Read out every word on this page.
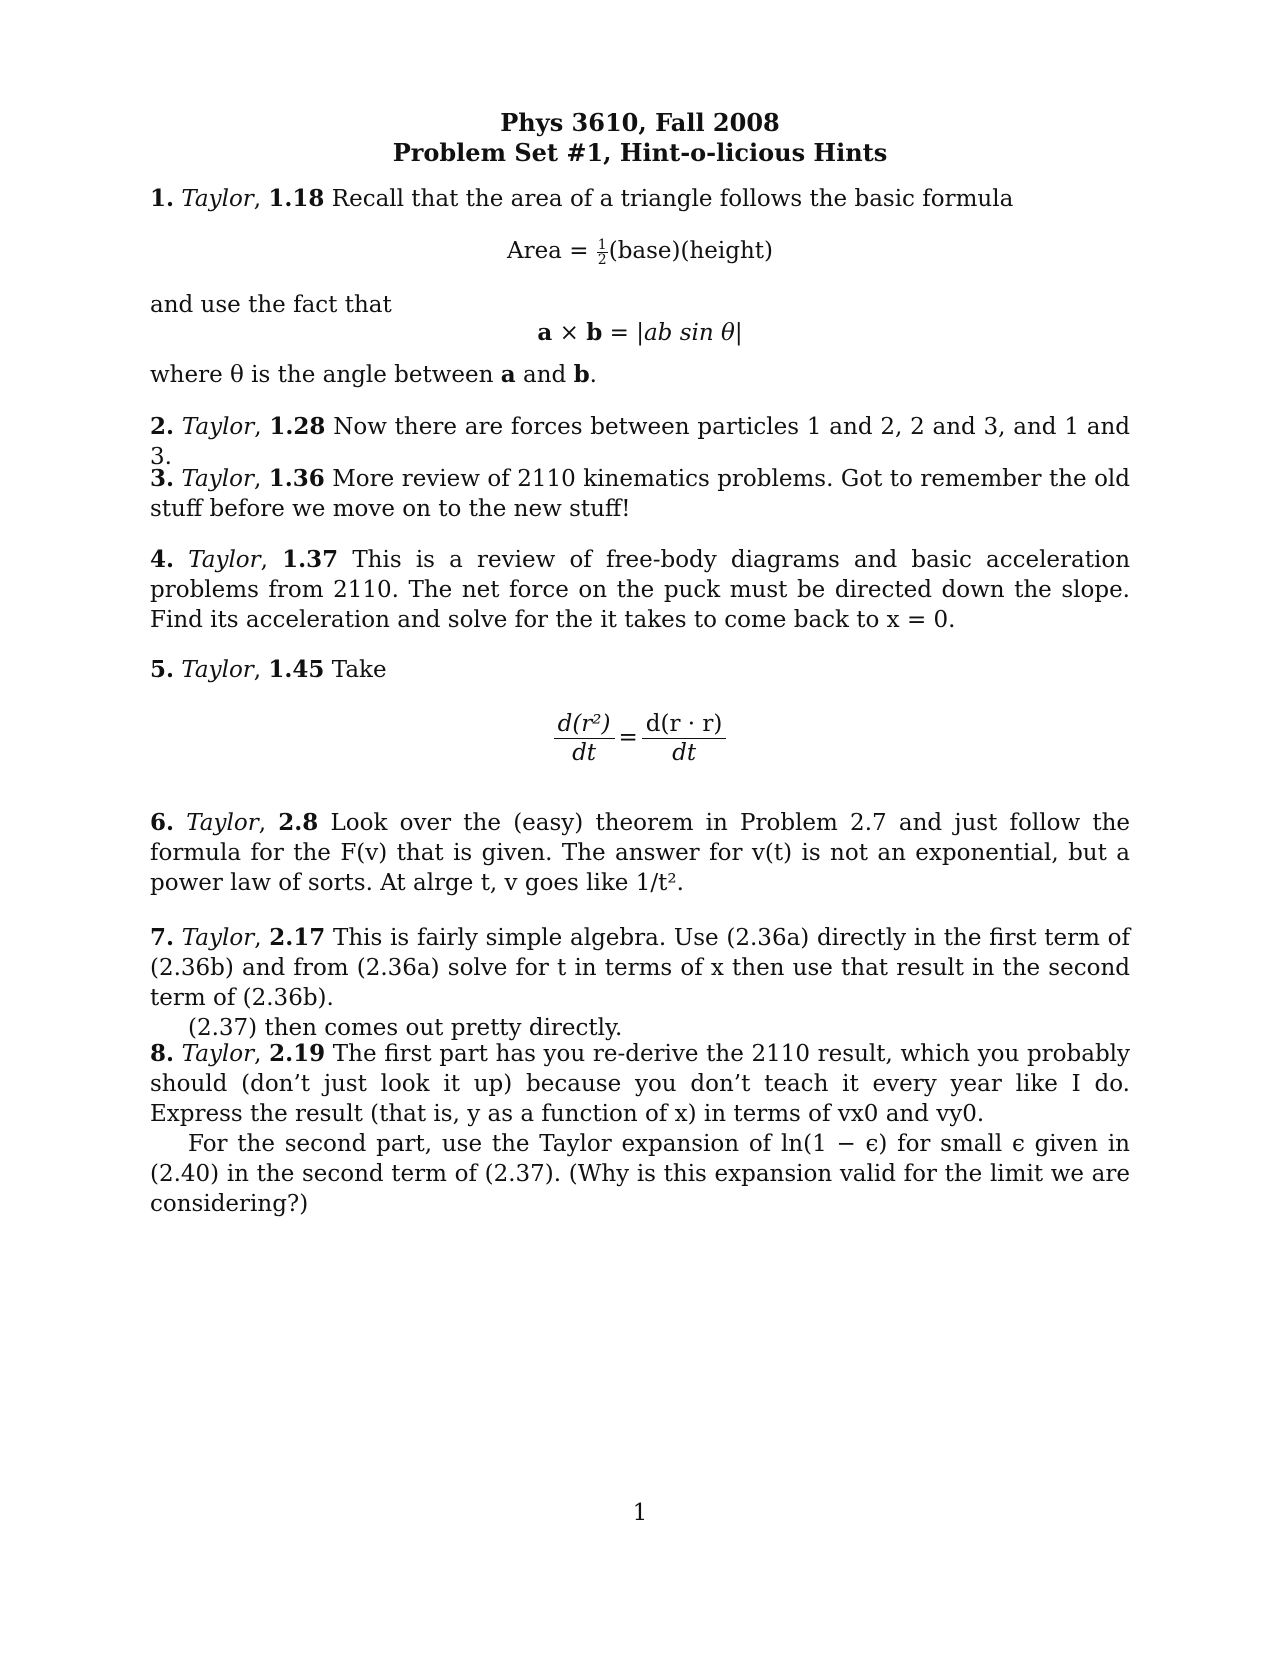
Phys 3610, Fall 2008
Problem Set #1, Hint-o-licious Hints

1. Taylor, 1.18 Recall that the area of a triangle follows the basic formula

Area = $\frac{1}{2}$ (base)(height)

and use the fact that

a × b = |ab sin θ|

where θ is the angle between a and b.

2. Taylor, 1.28 Now there are forces between particles 1 and 2, 2 and 3, and 1 and 3.

3. Taylor, 1.36 More review of 2110 kinematics problems. Got to remember the old stuff before we move on to the new stuff!

4. Taylor, 1.37 This is a review of free-body diagrams and basic acceleration problems from 2110. The net force on the puck must be directed down the slope. Find its acceleration and solve for the it takes to come back to x = 0.

5. Taylor, 1.45 Take

$\frac{\text{d(r²)}}{dt} = \frac{d(r \cdot r)}{dt}$

6. Taylor, 2.8 Look over the (easy) theorem in Problem 2.7 and just follow the formula for the F(v) that is given. The answer for v(t) is not an exponential, but a power law of sorts. At alrge t, v goes like 1/t².

7. Taylor, 2.17 This is fairly simple algebra. Use (2.36a) directly in the first term of (2.36b) and from (2.36a) solve for t in terms of x then use that result in the second term of (2.36b).

(2.37) then comes out pretty directly.

8. Taylor, 2.19 The first part has you re-derive the 2110 result, which you probably should (don’t just look it up) because you don’t teach it every year like I do. Express the result (that is, y as a function of x) in terms of vx0 and vy0.

For the second part, use the Taylor expansion of ln(1 − ϵ) for small ϵ given in (2.40) in the second term of (2.37). (Why is this expansion valid for the limit we are considering?)

1
